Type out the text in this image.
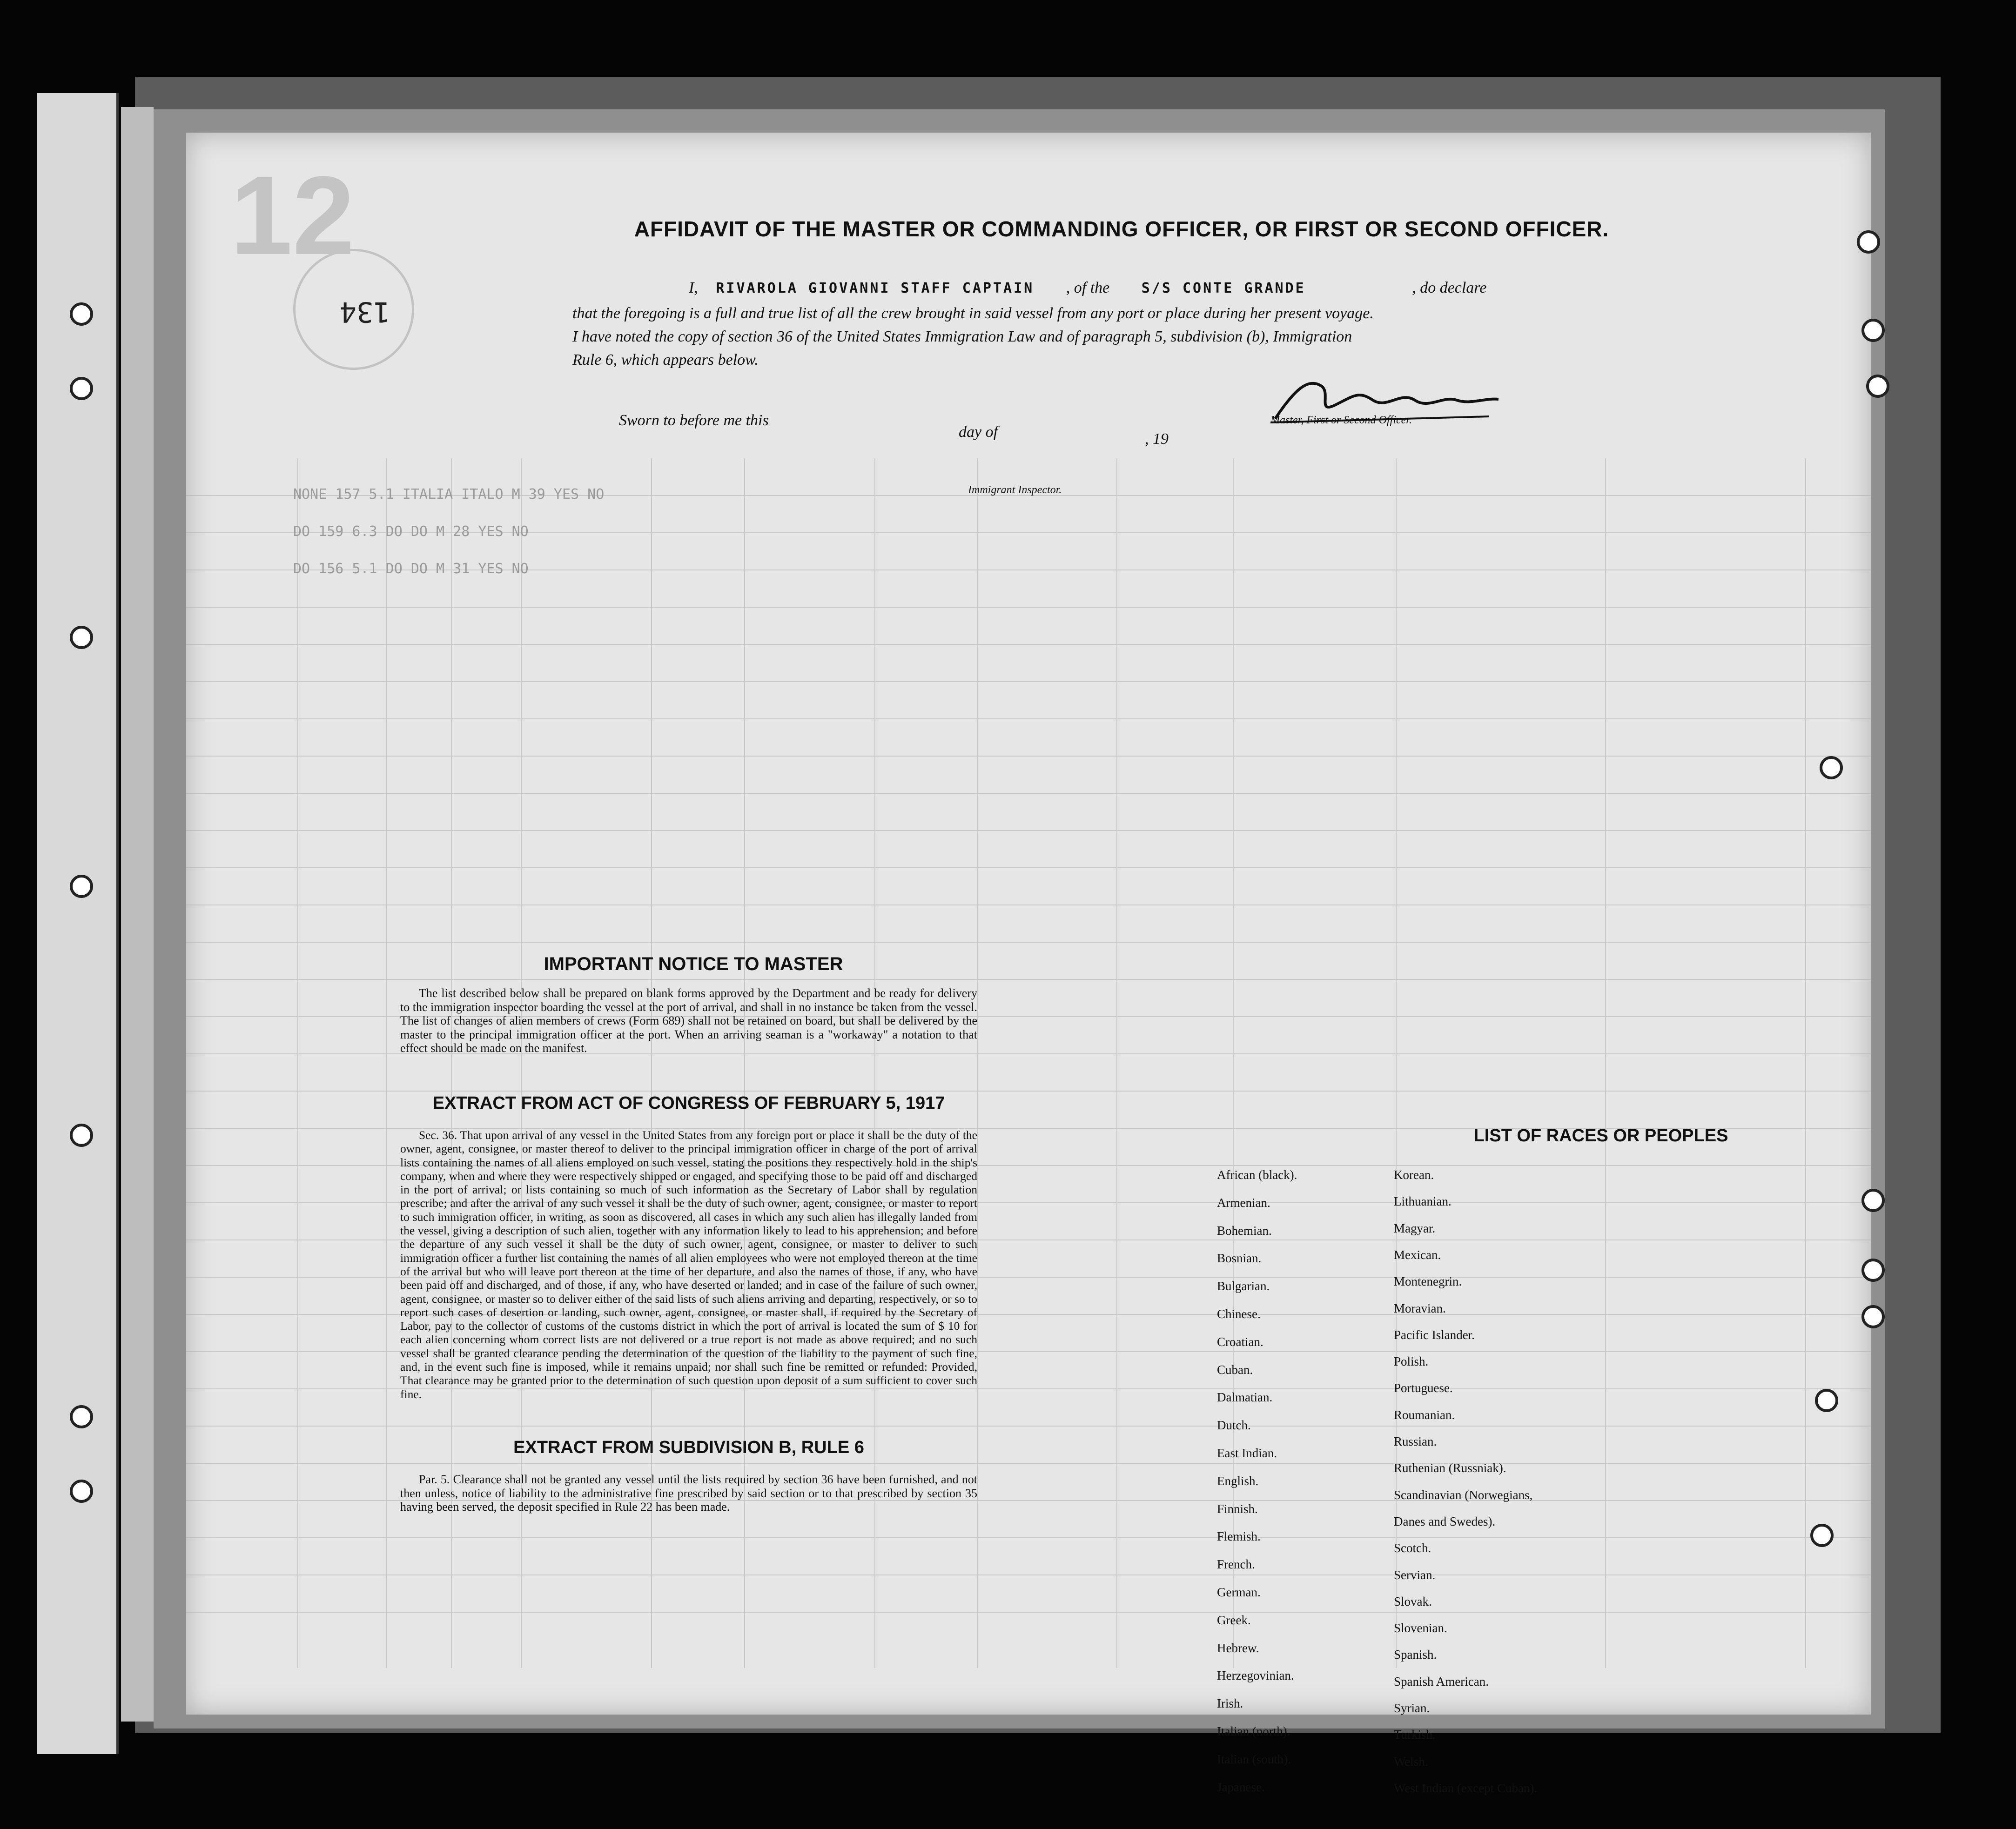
12
134
AFFIDAVIT OF THE MASTER OR COMMANDING OFFICER, OR FIRST OR SECOND OFFICER.
I, RIVAROLA GIOVANNI STAFF CAPTAIN , of the S/S CONTE GRANDE	, do declare
that the foregoing is a full and true list of all the crew brought in said vessel from any port or place during her present voyage.
I have noted the copy of section 36 of the United States Immigration Law and of paragraph 5, subdivision (b), Immigration
Rule 6, which appears below.
Sworn to before me this
day of	, 19
Master, First or Second Officer.
Immigrant Inspector.
NONE 157 5.1 ITALIA ITALO M 39 YES NO
DO 159 6.3 DO DO M 28 YES NO
DO 156 5.1 DO DO M 31 YES NO
IMPORTANT NOTICE TO MASTER
The list described below shall be prepared on blank forms approved by the Department and be ready for delivery to the immigration inspector boarding the vessel at the port of arrival, and shall in no instance be taken from the vessel. The list of changes of alien members of crews (Form 689) shall not be retained on board, but shall be delivered by the master to the principal immigration officer at the port. When an arriving seaman is a "workaway" a notation to that effect should be made on the manifest.
EXTRACT FROM ACT OF CONGRESS OF FEBRUARY 5, 1917
Sec. 36. That upon arrival of any vessel in the United States from any foreign port or place it shall be the duty of the owner, agent, consignee, or master thereof to deliver to the principal immigration officer in charge of the port of arrival lists containing the names of all aliens employed on such vessel, stating the positions they respectively hold in the ship's company, when and where they were respectively shipped or engaged, and specifying those to be paid off and discharged in the port of arrival; or lists containing so much of such information as the Secretary of Labor shall by regulation prescribe; and after the arrival of any such vessel it shall be the duty of such owner, agent, consignee, or master to report to such immigration officer, in writing, as soon as discovered, all cases in which any such alien has illegally landed from the vessel, giving a description of such alien, together with any information likely to lead to his apprehension; and before the departure of any such vessel it shall be the duty of such owner, agent, consignee, or master to deliver to such immigration officer a further list containing the names of all alien employees who were not employed thereon at the time of the arrival but who will leave port thereon at the time of her departure, and also the names of those, if any, who have been paid off and discharged, and of those, if any, who have deserted or landed; and in case of the failure of such owner, agent, consignee, or master so to deliver either of the said lists of such aliens arriving and departing, respectively, or so to report such cases of desertion or landing, such owner, agent, consignee, or master shall, if required by the Secretary of Labor, pay to the collector of customs of the customs district in which the port of arrival is located the sum of $ 10 for each alien concerning whom correct lists are not delivered or a true report is not made as above required; and no such vessel shall be granted clearance pending the determination of the question of the liability to the payment of such fine, and, in the event such fine is imposed, while it remains unpaid; nor shall such fine be remitted or refunded: Provided, That clearance may be granted prior to the determination of such question upon deposit of a sum sufficient to cover such fine.
EXTRACT FROM SUBDIVISION B, RULE 6
Par. 5. Clearance shall not be granted any vessel until the lists required by section 36 have been furnished, and not then unless, notice of liability to the administrative fine prescribed by said section or to that prescribed by section 35 having been served, the deposit specified in Rule 22 has been made.
LIST OF RACES OR PEOPLES
African (black).
Armenian.
Bohemian.
Bosnian.
Bulgarian.
Chinese.
Croatian.
Cuban.
Dalmatian.
Dutch.
East Indian.
English.
Finnish.
Flemish.
French.
German.
Greek.
Hebrew.
Herzegovinian.
Irish.
Italian (north).
Italian (south).
Japanese.
Korean.
Lithuanian.
Magyar.
Mexican.
Montenegrin.
Moravian.
Pacific Islander.
Polish.
Portuguese.
Roumanian.
Russian.
Ruthenian (Russniak).
Scandinavian (Norwegians,
Danes and Swedes).
Scotch.
Servian.
Slovak.
Slovenian.
Spanish.
Spanish American.
Syrian.
Turkish.
Welsh.
West Indian (except Cuban).
